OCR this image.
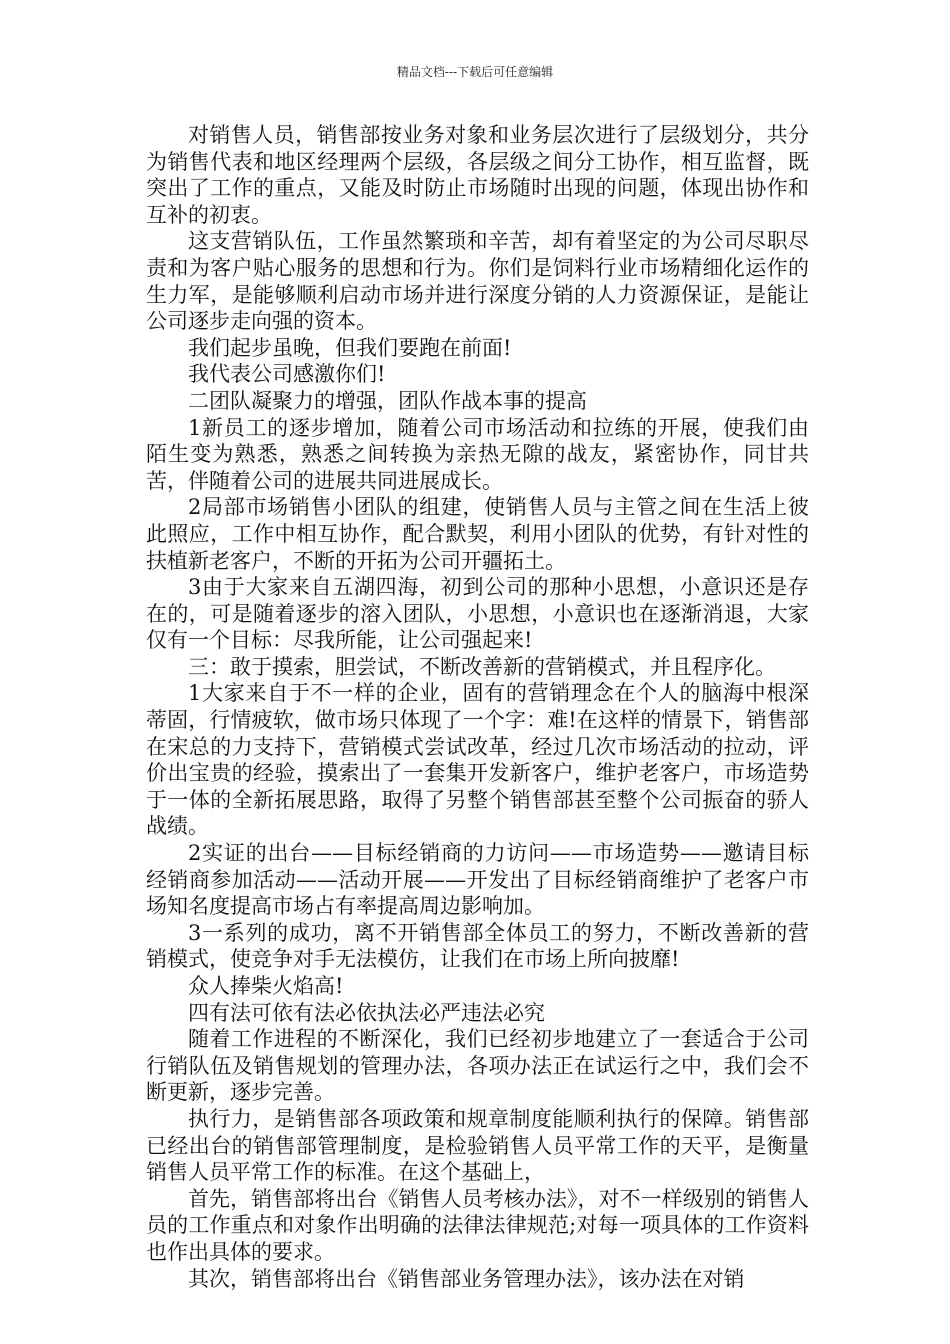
精品文档---下载后可任意编辑

对销售人员，销售部按业务对象和业务层次进行了层级划分，共分为销售代表和地区经理两个层级，各层级之间分工协作，相互监督，既突出了工作的重点，又能及时防止市场随时出现的问题，体现出协作和互补的初衷。

这支营销队伍，工作虽然繁琐和辛苦，却有着坚定的为公司尽职尽责和为客户贴心服务的思想和行为。你们是饲料行业市场精细化运作的生力军，是能够顺利启动市场并进行深度分销的人力资源保证，是能让公司逐步走向强的资本。

我们起步虽晚，但我们要跑在前面!

我代表公司感激你们!

二团队凝聚力的增强，团队作战本事的提高

1新员工的逐步增加，随着公司市场活动和拉练的开展，使我们由陌生变为熟悉，熟悉之间转换为亲热无隙的战友，紧密协作，同甘共苦，伴随着公司的进展共同进展成长。

2局部市场销售小团队的组建，使销售人员与主管之间在生活上彼此照应，工作中相互协作，配合默契，利用小团队的优势，有针对性的扶植新老客户，不断的开拓为公司开疆拓土。

3由于大家来自五湖四海，初到公司的那种小思想，小意识还是存在的，可是随着逐步的溶入团队，小思想，小意识也在逐渐消退，大家仅有一个目标：尽我所能，让公司强起来!

三：敢于摸索，胆尝试，不断改善新的营销模式，并且程序化。

1大家来自于不一样的企业，固有的营销理念在个人的脑海中根深蒂固，行情疲软，做市场只体现了一个字：难!在这样的情景下，销售部在宋总的力支持下，营销模式尝试改革，经过几次市场活动的拉动，评价出宝贵的经验，摸索出了一套集开发新客户，维护老客户，市场造势于一体的全新拓展思路，取得了另整个销售部甚至整个公司振奋的骄人战绩。

2实证的出台——目标经销商的力访问——市场造势——邀请目标经销商参加活动——活动开展——开发出了目标经销商维护了老客户市场知名度提高市场占有率提高周边影响加。

3一系列的成功，离不开销售部全体员工的努力，不断改善新的营销模式，使竞争对手无法模仿，让我们在市场上所向披靡!

众人捧柴火焰高!

四有法可依有法必依执法必严违法必究

随着工作进程的不断深化，我们已经初步地建立了一套适合于公司行销队伍及销售规划的管理办法，各项办法正在试运行之中，我们会不断更新，逐步完善。

执行力，是销售部各项政策和规章制度能顺利执行的保障。销售部已经出台的销售部管理制度，是检验销售人员平常工作的天平，是衡量销售人员平常工作的标准。在这个基础上，

首先，销售部将出台《销售人员考核办法》，对不一样级别的销售人员的工作重点和对象作出明确的法律法律规范;对每一项具体的工作资料也作出具体的要求。

其次，销售部将出台《销售部业务管理办法》，该办法在对销
